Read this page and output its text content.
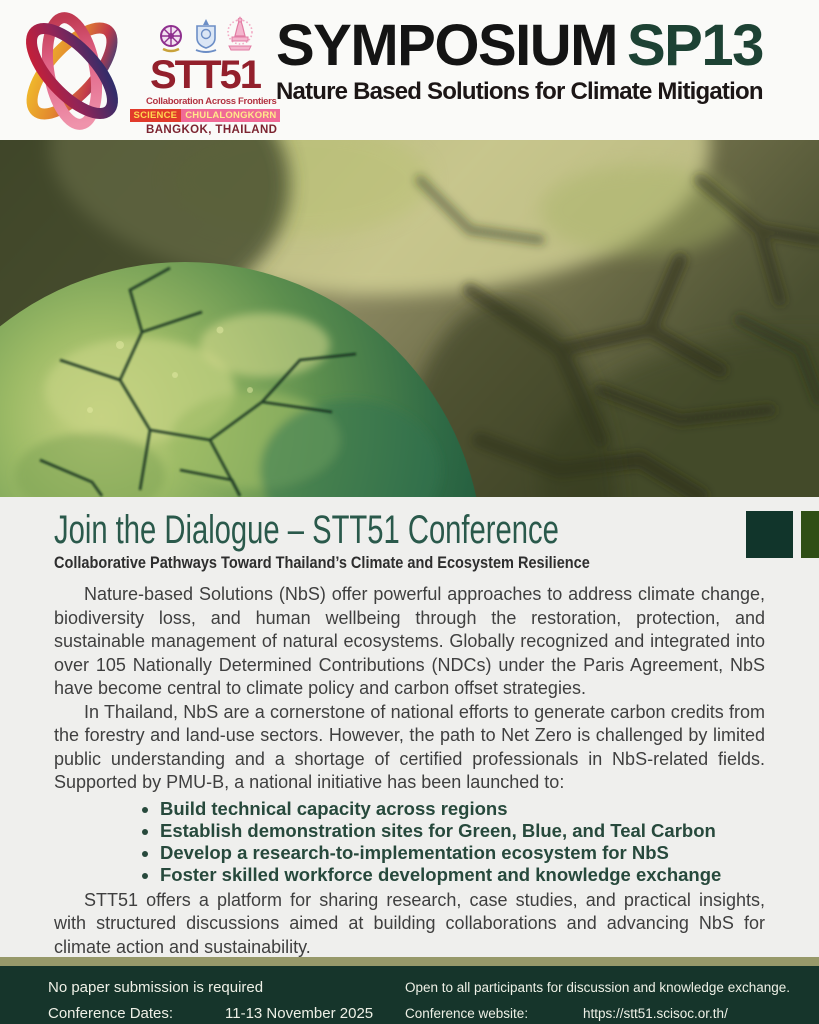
STT51
Collaboration Across Frontiers
SCIENCE CHULALONGKORN
BANGKOK, THAILAND
SYMPOSIUM SP13
Nature Based Solutions for Climate Mitigation
Join the Dialogue – STT51 Conference
Collaborative Pathways Toward Thailand’s Climate and Ecosystem Resilience

Nature-based Solutions (NbS) offer powerful approaches to address climate change, biodiversity loss, and human wellbeing through the restoration, protection, and sustainable management of natural ecosystems. Globally recognized and integrated into over 105 Nationally Determined Contributions (NDCs) under the Paris Agreement, NbS have become central to climate policy and carbon offset strategies.

In Thailand, NbS are a cornerstone of national efforts to generate carbon credits from the forestry and land-use sectors. However, the path to Net Zero is challenged by limited public understanding and a shortage of certified professionals in NbS-related fields. Supported by PMU-B, a national initiative has been launched to:

• Build technical capacity across regions
• Establish demonstration sites for Green, Blue, and Teal Carbon
• Develop a research-to-implementation ecosystem for NbS
• Foster skilled workforce development and knowledge exchange

STT51 offers a platform for sharing research, case studies, and practical insights, with structured discussions aimed at building collaborations and advancing NbS for climate action and sustainability.

No paper submission is required
Conference Dates:	11-13 November 2025
Open to all participants for discussion and knowledge exchange.
Conference website:	https://stt51.scisoc.or.th/
